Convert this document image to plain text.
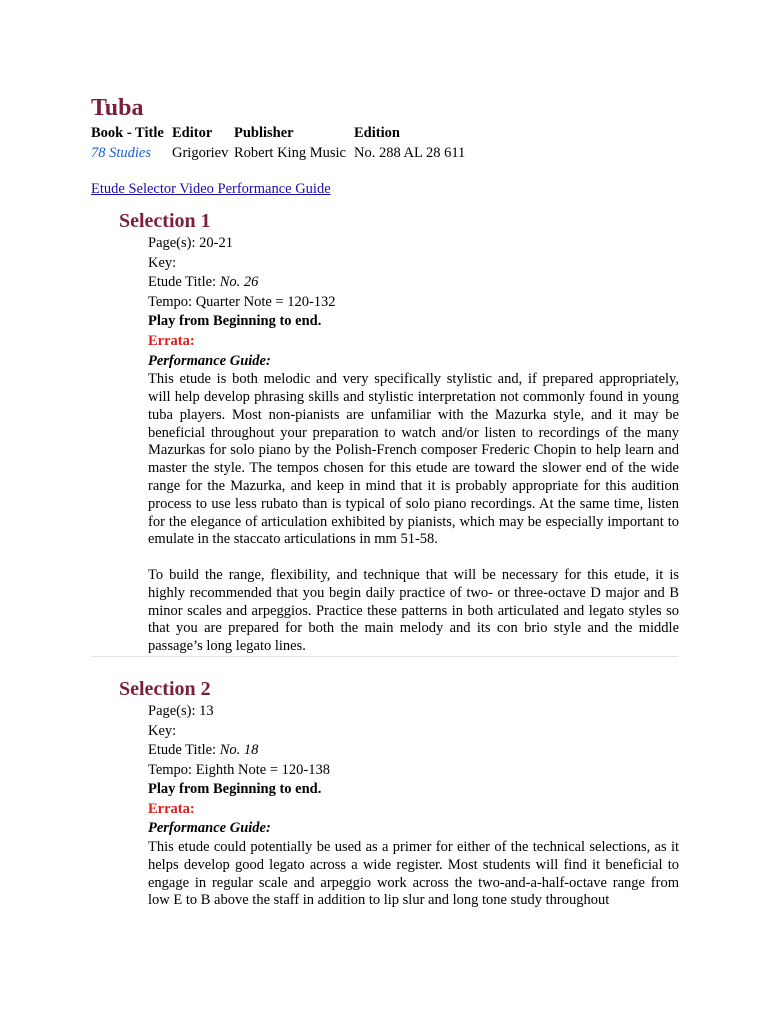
Tuba
Book - Title Editor Publisher	Edition
78 Studies Grigoriev Robert King Music No. 288 AL 28 611
Etude Selector Video Performance Guide
Selection 1
Page(s): 20-21
Key:
Etude Title: No. 26
Tempo: Quarter Note = 120-132
Play from Beginning to end.
Errata:
Performance Guide:

This etude is both melodic and very specifically stylistic and, if prepared appropriately, will help develop phrasing skills and stylistic interpretation not commonly found in young tuba players. Most non-pianists are unfamiliar with the Mazurka style, and it may be beneficial throughout your preparation to watch and/or listen to recordings of the many Mazurkas for solo piano by the Polish-French composer Frederic Chopin to help learn and master the style. The tempos chosen for this etude are toward the slower end of the wide range for the Mazurka, and keep in mind that it is probably appropriate for this audition process to use less rubato than is typical of solo piano recordings. At the same time, listen for the elegance of articulation exhibited by pianists, which may be especially important to emulate in the staccato articulations in mm 51-58.

To build the range, flexibility, and technique that will be necessary for this etude, it is highly recommended that you begin daily practice of two- or three-octave D major and B minor scales and arpeggios. Practice these patterns in both articulated and legato styles so that you are prepared for both the main melody and its con brio style and the middle passage’s long legato lines.

Selection 2
Page(s): 13
Key:
Etude Title: No. 18
Tempo: Eighth Note = 120-138
Play from Beginning to end.
Errata:
Performance Guide:

This etude could potentially be used as a primer for either of the technical selections, as it helps develop good legato across a wide register. Most students will find it beneficial to engage in regular scale and arpeggio work across the two-and-a-half-octave range from low E to B above the staff in addition to lip slur and long tone study throughout
